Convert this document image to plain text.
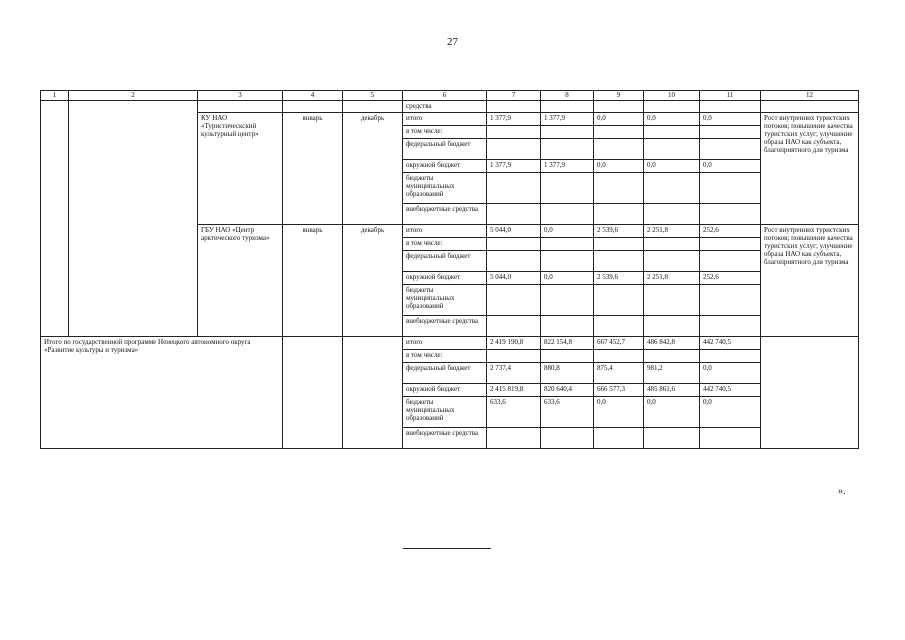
27
1	2	3	4	5	6	7	8	9	10	11	12
					средства						
		КУ НАО «Туристическский культурный центр»	январь	декабрь	итого	1 377,9	1 377,9	0,0	0,0	0,0	Рост внутренних туристских потоков; повышение качества туристских услуг; улучшение образа НАО как субъекта, благоприятного для туризма
					в том числе:						
					федеральный бюджет						
					окружной бюджет	1 377,9	1 377,9	0,0	0,0	0,0	
					бюджеты муниципальных образований						
					внебюджетные средства						
		ГБУ НАО «Центр арктического туризма»	январь	декабрь	итого	5 044,0	0,0	2 539,6	2 251,8	252,6	Рост внутренних туристских потоков; повышение качества туристских услуг; улучшение образа НАО как субъекта, благоприятного для туризма
					в том числе:						
					федеральный бюджет						
					окружной бюджет	5 044,0	0,0	2 539,6	2 251,8	252,6	
					бюджеты муниципальных образований						
					внебюджетные средства						
Итого по государственной программе Ненецкого автономного округа «Развитие культуры и туризма»					итого	2 419 190,8	822 154,8	667 452,7	486 842,8	442 740,5	
					в том числе:						
					федеральный бюджет	2 737,4	880,8	875,4	981,2	0,0	
					окружной бюджет	2 415 819,8	820 640,4	666 577,3	485 861,6	442 740,5	
					бюджеты муниципальных образований	633,6	633,6	0,0	0,0	0,0	
					внебюджетные средства						
».
